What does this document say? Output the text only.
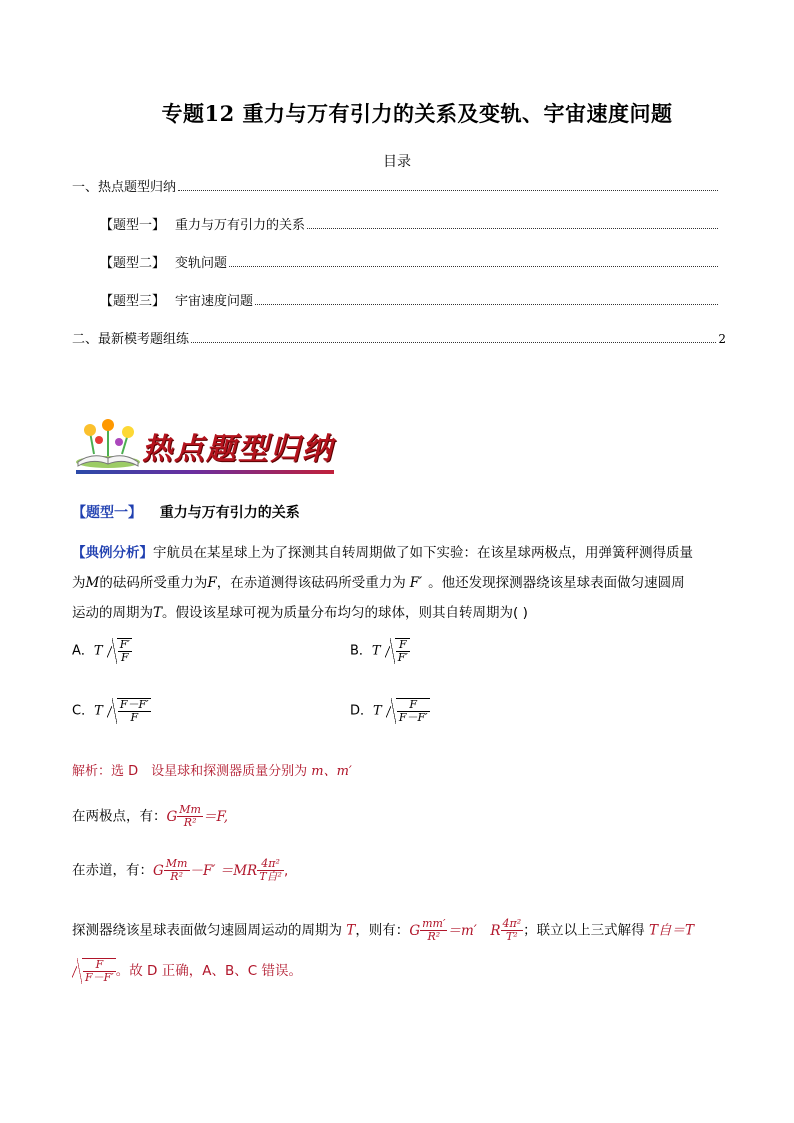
专题12 重力与万有引力的关系及变轨、宇宙速度问题
目录
一、热点题型归纳
【题型一】 重力与万有引力的关系
【题型二】 变轨问题
【题型三】 宇宙速度问题
二、最新模考题组练	2
热点题型归纳
【题型一】 重力与万有引力的关系
【典例分析】宇航员在某星球上为了探测其自转周期做了如下实验：在该星球两极点，用弹簧秤测得质量
为M的砝码所受重力为F，在赤道测得该砝码所受重力为 F′ 。他还发现探测器绕该星球表面做匀速圆周
运动的周期为T。假设该星球可视为质量分布均匀的球体，则其自转周期为( )
A．T $\frac{F'}{F}$	B．T $\frac{F}{F'}$
C．T $\frac{F-F'}{F}$	D．T $\frac{F}{F-F'}$
解析：选 D　设星球和探测器质量分别为 m、m′
在两极点，有：G $\frac{Mm}{\text{R²}} =F$,
在赤道，有：G $\frac{Mm}{\text{R²}} -F' =MR \frac{\text{4π²}}{\text{T自²}}$ ,
探测器绕该星球表面做匀速圆周运动的周期为 T，则有：G $\frac{mm'}{\text{R²}} =m'$　R $\frac{\text{4π²}}{\text{T²}}$ ；联立以上三式解得 T自＝T
$\frac{F}{F-F'}$ 。故 D 正确，A、B、C 错误。
